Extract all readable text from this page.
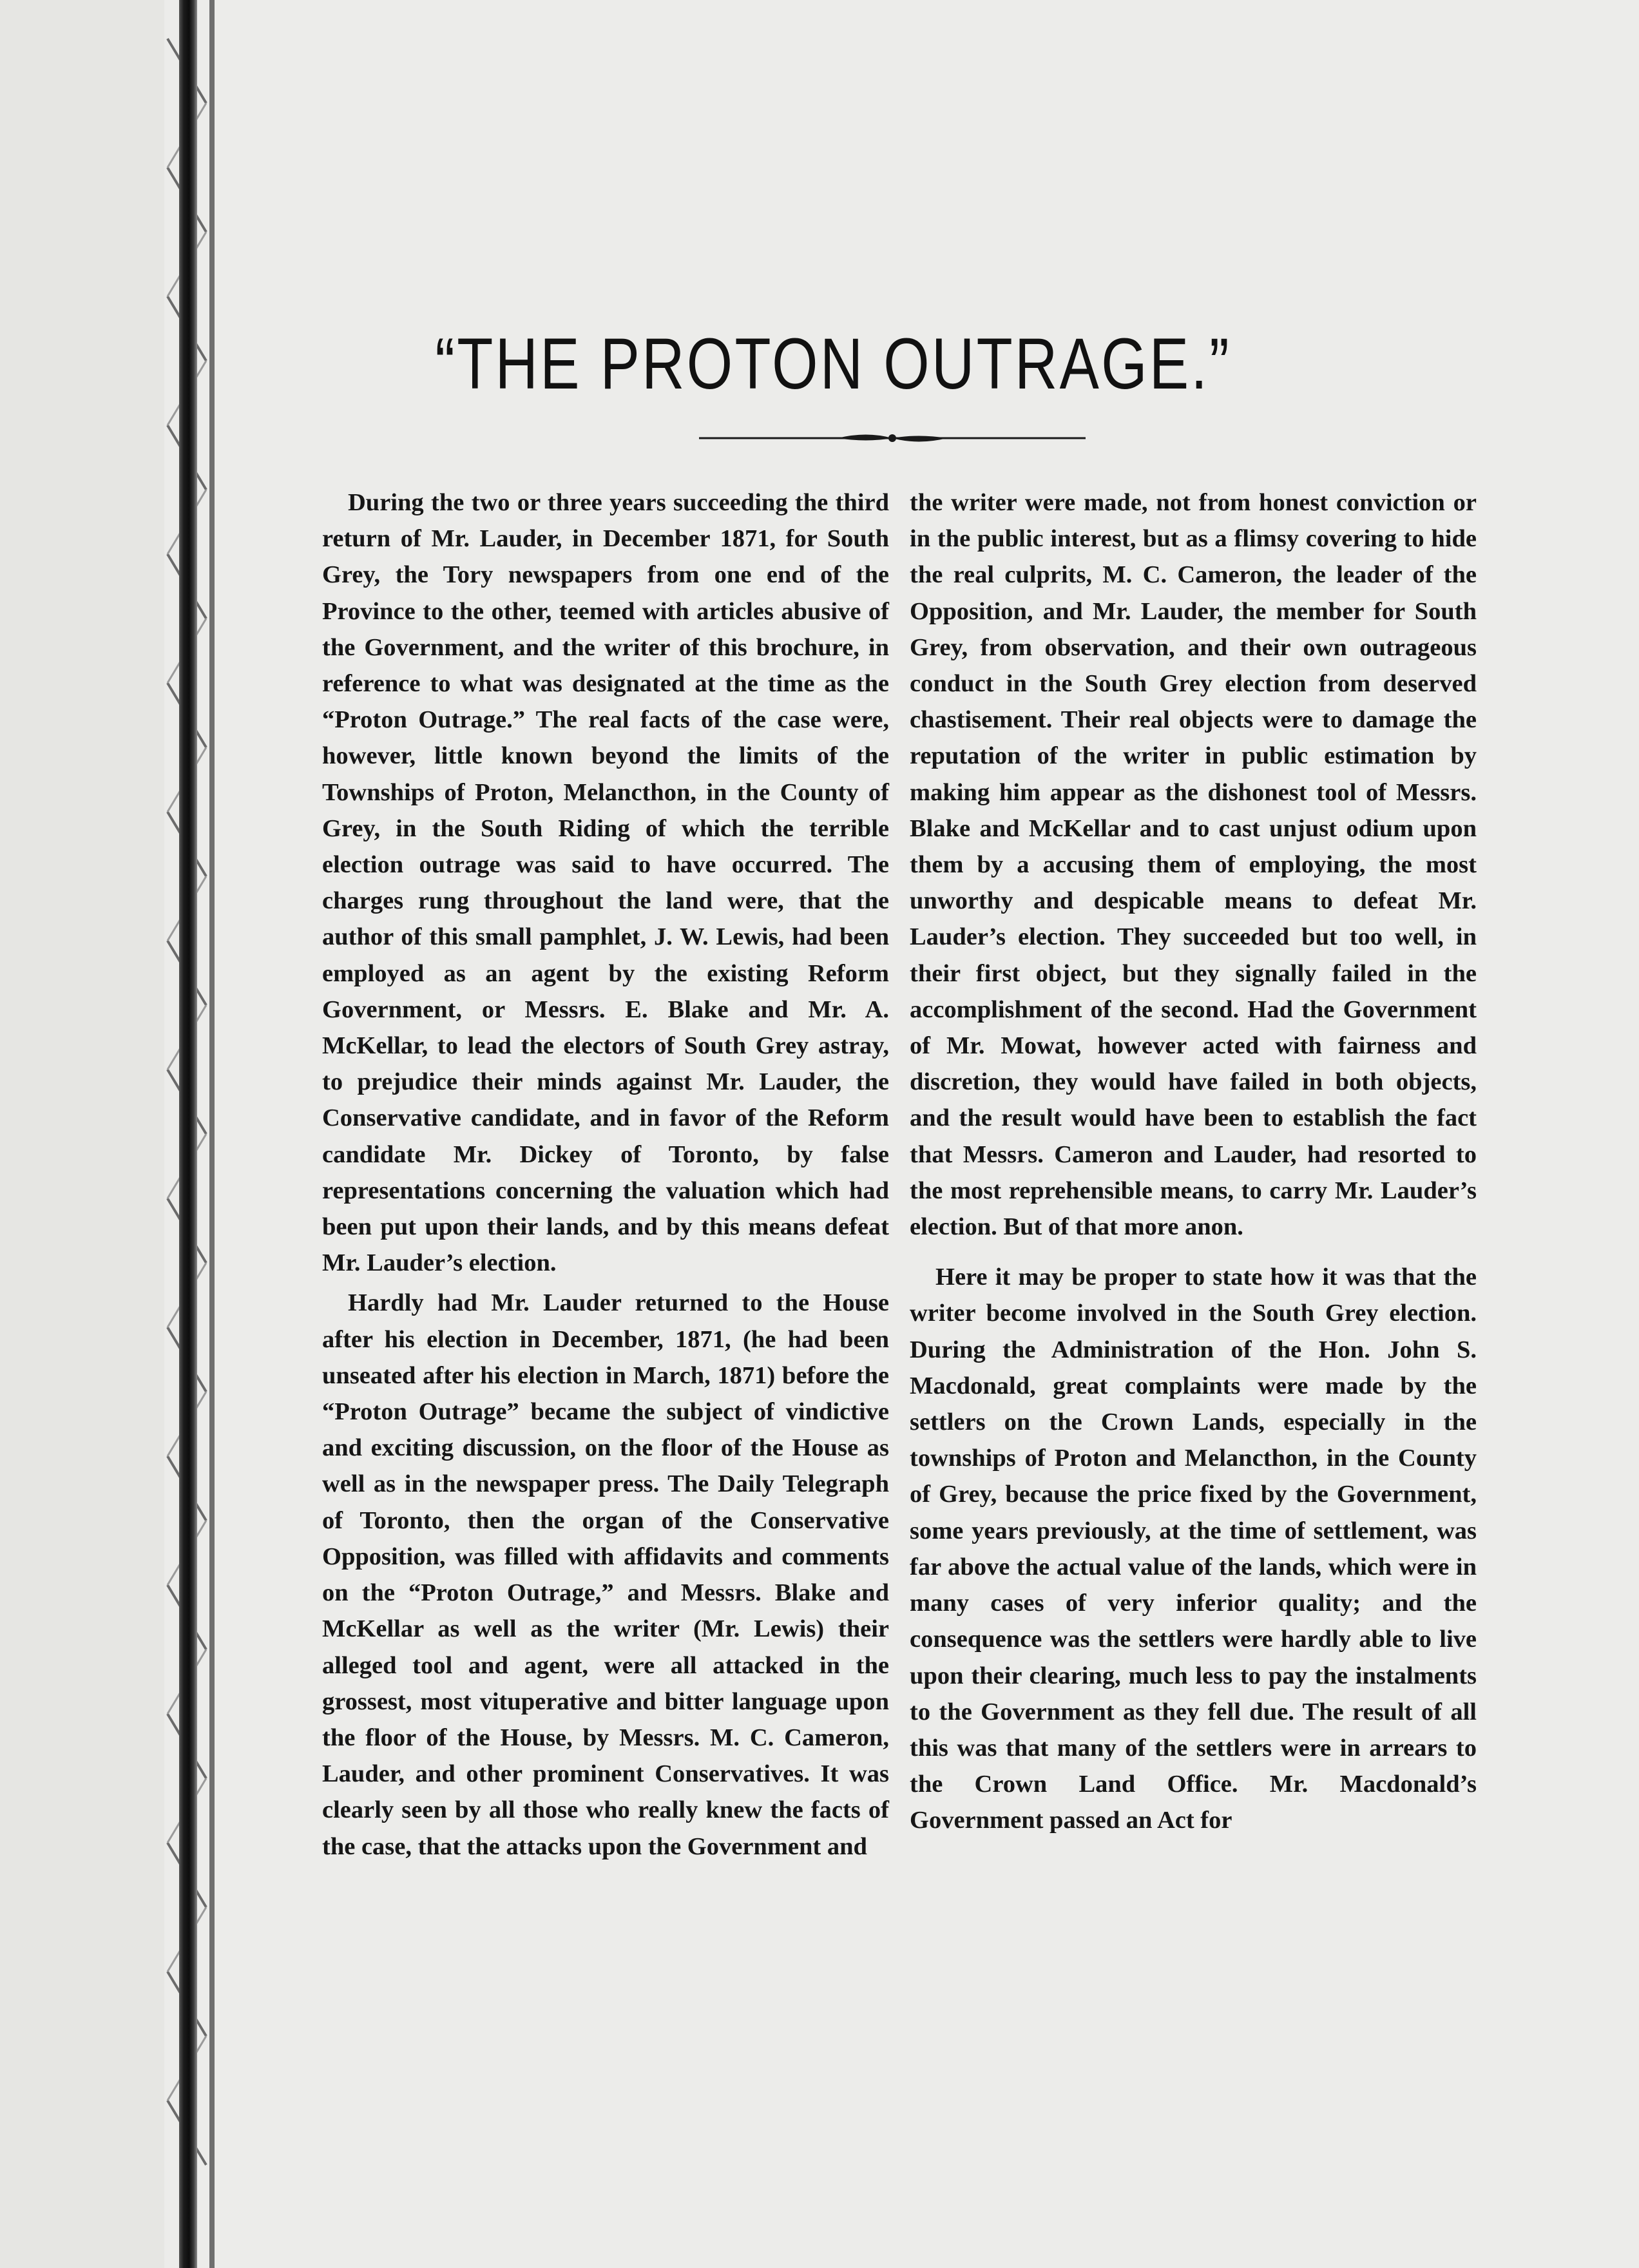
“THE PROTON OUTRAGE.”

During the two or three years succeeding the third return of Mr. Lauder, in December 1871, for South Grey, the Tory newspapers from one end of the Province to the other, teemed with articles abusive of the Government, and the writer of this brochure, in reference to what was designated at the time as the “Proton Outrage.” The real facts of the case were, however, little known beyond the limits of the Townships of Proton, Melancthon, in the County of Grey, in the South Riding of which the terrible election outrage was said to have occurred. The charges rung throughout the land were, that the author of this small pamphlet, J. W. Lewis, had been employed as an agent by the existing Reform Government, or Messrs. E. Blake and Mr. A. McKellar, to lead the electors of South Grey astray, to prejudice their minds against Mr. Lauder, the Conservative candidate, and in favor of the Reform candidate Mr. Dickey of Toronto, by false representations concerning the valuation which had been put upon their lands, and by this means defeat Mr. Lauder’s election.

Hardly had Mr. Lauder returned to the House after his election in December, 1871, (he had been unseated after his election in March, 1871) before the “Proton Outrage” became the subject of vindictive and exciting discussion, on the floor of the House as well as in the newspaper press. The Daily Telegraph of Toronto, then the organ of the Conservative Opposition, was filled with affidavits and comments on the “Proton Outrage,” and Messrs. Blake and McKellar as well as the writer (Mr. Lewis) their alleged tool and agent, were all attacked in the grossest, most vituperative and bitter language upon the floor of the House, by Messrs. M. C. Cameron, Lauder, and other prominent Conservatives. It was clearly seen by all those who really knew the facts of the case, that the attacks upon the Government and

the writer were made, not from honest conviction or in the public interest, but as a flimsy covering to hide the real culprits, M. C. Cameron, the leader of the Opposition, and Mr. Lauder, the member for South Grey, from observation, and their own outrageous conduct in the South Grey election from deserved chastisement. Their real objects were to damage the reputation of the writer in public estimation by making him appear as the dishonest tool of Messrs. Blake and McKellar and to cast unjust odium upon them by a accusing them of employing, the most unworthy and despicable means to defeat Mr. Lauder’s election. They succeeded but too well, in their first object, but they signally failed in the accomplishment of the second. Had the Government of Mr. Mowat, however acted with fairness and discretion, they would have failed in both objects, and the result would have been to establish the fact that Messrs. Cameron and Lauder, had resorted to the most reprehensible means, to carry Mr. Lauder’s election. But of that more anon.

Here it may be proper to state how it was that the writer become involved in the South Grey election. During the Administration of the Hon. John S. Macdonald, great complaints were made by the settlers on the Crown Lands, especially in the townships of Proton and Melancthon, in the County of Grey, because the price fixed by the Government, some years previously, at the time of settlement, was far above the actual value of the lands, which were in many cases of very inferior quality; and the consequence was the settlers were hardly able to live upon their clearing, much less to pay the instalments to the Government as they fell due. The result of all this was that many of the settlers were in arrears to the Crown Land Office. Mr. Macdonald’s Government passed an Act for
